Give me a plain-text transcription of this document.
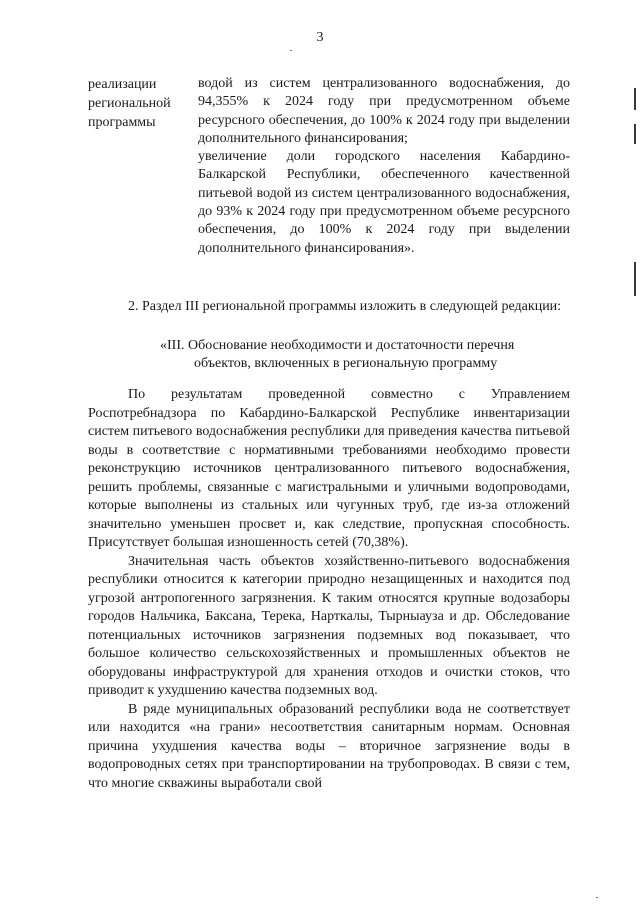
3
реализации
региональной
программы

водой из систем централизованного водоснабжения, до 94,355% к 2024 году при предусмотренном объеме ресурсного обеспечения, до 100% к 2024 году при выделении дополнительного финансирования;

увеличение доли городского населения Кабардино-Балкарской Республики, обеспеченного качественной питьевой водой из систем централизованного водоснабжения, до 93% к 2024 году при предусмотренном объеме ресурсного обеспечения, до 100% к 2024 году при выделении дополнительного финансирования».

2. Раздел III региональной программы изложить в следующей редакции:

«III. Обоснование необходимости и достаточности перечня
объектов, включенных в региональную программу

По результатам проведенной совместно с Управлением Роспотребнадзора по Кабардино-Балкарской Республике инвентаризации систем питьевого водоснабжения республики для приведения качества питьевой воды в соответствие с нормативными требованиями необходимо провести реконструкцию источников централизованного питьевого водоснабжения, решить проблемы, связанные с магистральными и уличными водопроводами, которые выполнены из стальных или чугунных труб, где из-за отложений значительно уменьшен просвет и, как следствие, пропускная способность. Присутствует большая изношенность сетей (70,38%).

Значительная часть объектов хозяйственно-питьевого водоснабжения республики относится к категории природно незащищенных и находится под угрозой антропогенного загрязнения. К таким относятся крупные водозаборы городов Нальчика, Баксана, Терека, Нарткалы, Тырныауза и др. Обследование потенциальных источников загрязнения подземных вод показывает, что большое количество сельскохозяйственных и промышленных объектов не оборудованы инфраструктурой для хранения отходов и очистки стоков, что приводит к ухудшению качества подземных вод.

В ряде муниципальных образований республики вода не соответствует или находится «на грани» несоответствия санитарным нормам. Основная причина ухудшения качества воды – вторичное загрязнение воды в водопроводных сетях при транспортировании на трубопроводах. В связи с тем, что многие скважины выработали свой
